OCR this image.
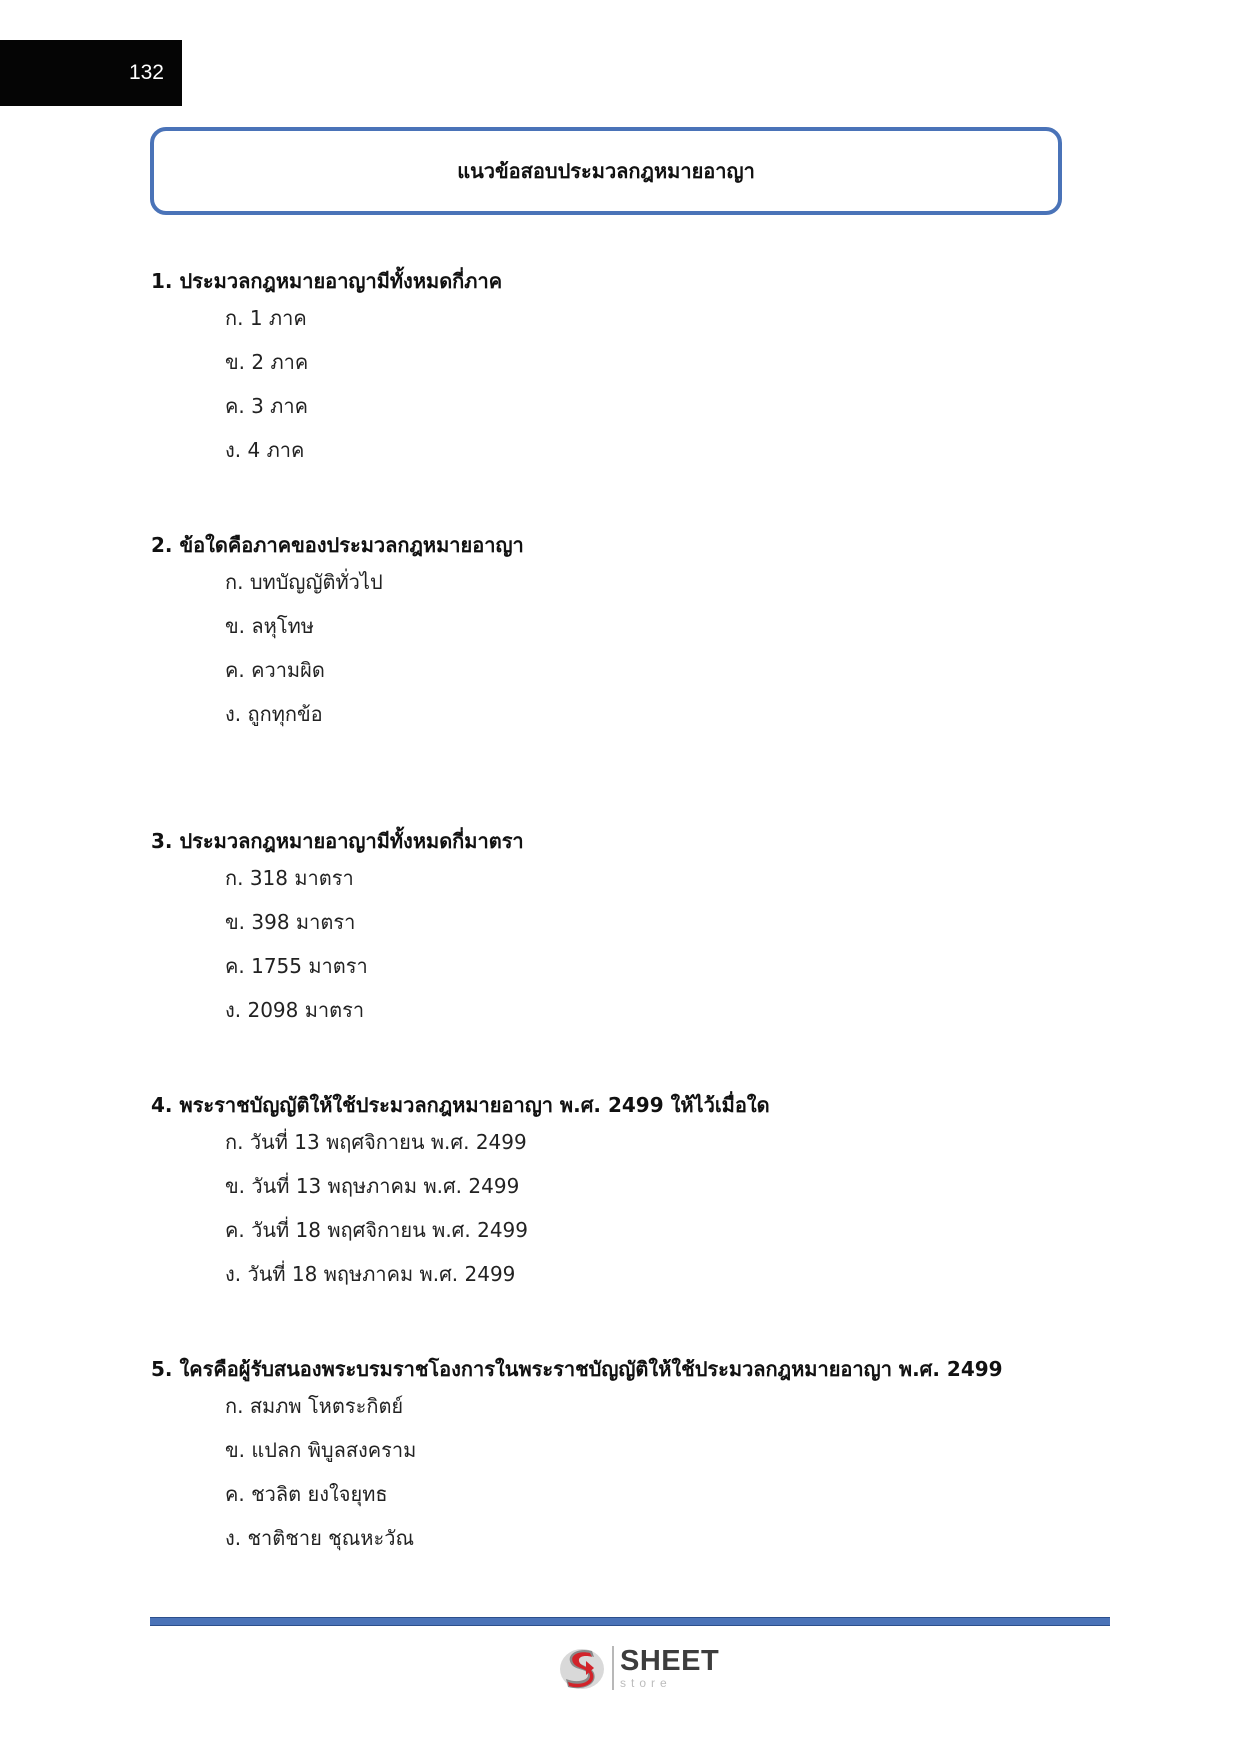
132
แนวข้อสอบประมวลกฎหมายอาญา
1. ประมวลกฎหมายอาญามีทั้งหมดกี่ภาค
ก. 1 ภาค
ข. 2 ภาค
ค. 3 ภาค
ง. 4 ภาค
2. ข้อใดคือภาคของประมวลกฎหมายอาญา
ก. บทบัญญัติทั่วไป
ข. ลหุโทษ
ค. ความผิด
ง. ถูกทุกข้อ
3. ประมวลกฎหมายอาญามีทั้งหมดกี่มาตรา
ก. 318 มาตรา
ข. 398 มาตรา
ค. 1755 มาตรา
ง. 2098 มาตรา
4. พระราชบัญญัติให้ใช้ประมวลกฎหมายอาญา พ.ศ. 2499 ให้ไว้เมื่อใด
ก. วันที่ 13 พฤศจิกายน พ.ศ. 2499
ข. วันที่ 13 พฤษภาคม พ.ศ. 2499
ค. วันที่ 18 พฤศจิกายน พ.ศ. 2499
ง. วันที่ 18 พฤษภาคม พ.ศ. 2499
5. ใครคือผู้รับสนองพระบรมราชโองการในพระราชบัญญัติให้ใช้ประมวลกฎหมายอาญา พ.ศ. 2499
ก. สมภพ โหตระกิตย์
ข. แปลก พิบูลสงคราม
ค. ชวลิต ยงใจยุทธ
ง. ชาติชาย ชุณหะวัณ
SHEET
store
